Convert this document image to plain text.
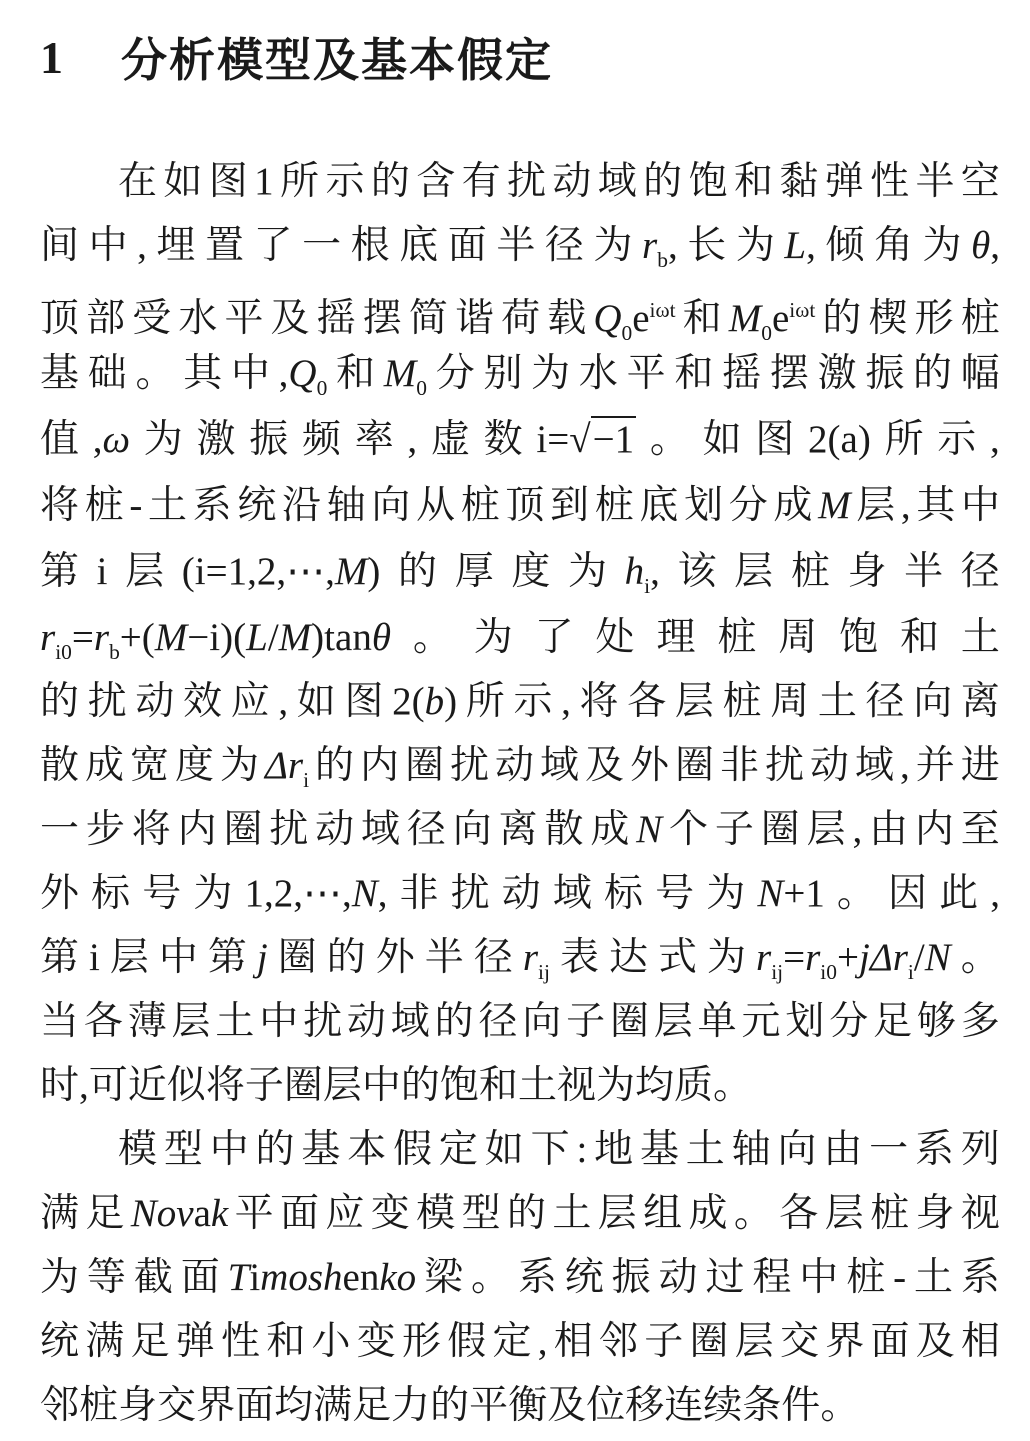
1 分析模型及基本假定
在 如 图 1 所 示 的 含 有 扰 动 域 的 饱 和 黏 弹 性 半 空
间 中 , 埋 置 了 一 根 底 面 半 径 为 $r_b$, 长 为 L, 倾 角 为 θ,
顶 部 受 水 平 及 摇 摆 简 谐 荷 载 $Q_0e^{i\omega t}$ 和 $M_0e^{i\omega t}$ 的 楔 形 桩
基 础 。 其 中 $,Q_0$ 和 $M_0$ 分 别 为 水 平 和 摇 摆 激 振 的 幅
值 ,ω 为 激 振 频 率 , 虚 数 i=√−1 。 如 图 2(a) 所 示 ,
将 桩 - 土 系 统 沿 轴 向 从 桩 顶 到 桩 底 划 分 成 M 层 , 其 中
第 i 层 (i=1,2,⋯,M) 的 厚 度 为 $h_i$, 该 层 桩 身 半 径
$r_{i0}=r_b+(M-i)(L/M)\tan\theta$ 。 为 了 处 理 桩 周 饱 和 土
的 扰 动 效 应 , 如 图 2(b) 所 示 , 将 各 层 桩 周 土 径 向 离
散 成 宽 度 为 $\Delta r_i$ 的 内 圈 扰 动 域 及 外 圈 非 扰 动 域 , 并 进
一 步 将 内 圈 扰 动 域 径 向 离 散 成 N 个 子 圈 层 , 由 内 至
外 标 号 为 1,2,⋯,N, 非 扰 动 域 标 号 为 N+1 。 因 此 ,
第 i 层 中 第 j 圈 的 外 半 径 $r_{ij}$ 表 达 式 为 $r_{ij}=r_{i0}+j\Delta r_i/N$ 。
当 各 薄 层 土 中 扰 动 域 的 径 向 子 圈 层 单 元 划 分 足 够 多
时 , 可 近 似 将 子 圈 层 中 的 饱 和 土 视 为 均 质 。
模 型 中 的 基 本 假 定 如 下 : 地 基 土 轴 向 由 一 系 列
满 足 Novak 平 面 应 变 模 型 的 土 层 组 成 。 各 层 桩 身 视
为 等 截 面 Timoshenko 梁 。 系 统 振 动 过 程 中 桩 - 土 系
统 满 足 弹 性 和 小 变 形 假 定 , 相 邻 子 圈 层 交 界 面 及 相
邻 桩 身 交 界 面 均 满 足 力 的 平 衡 及 位 移 连 续 条 件 。
